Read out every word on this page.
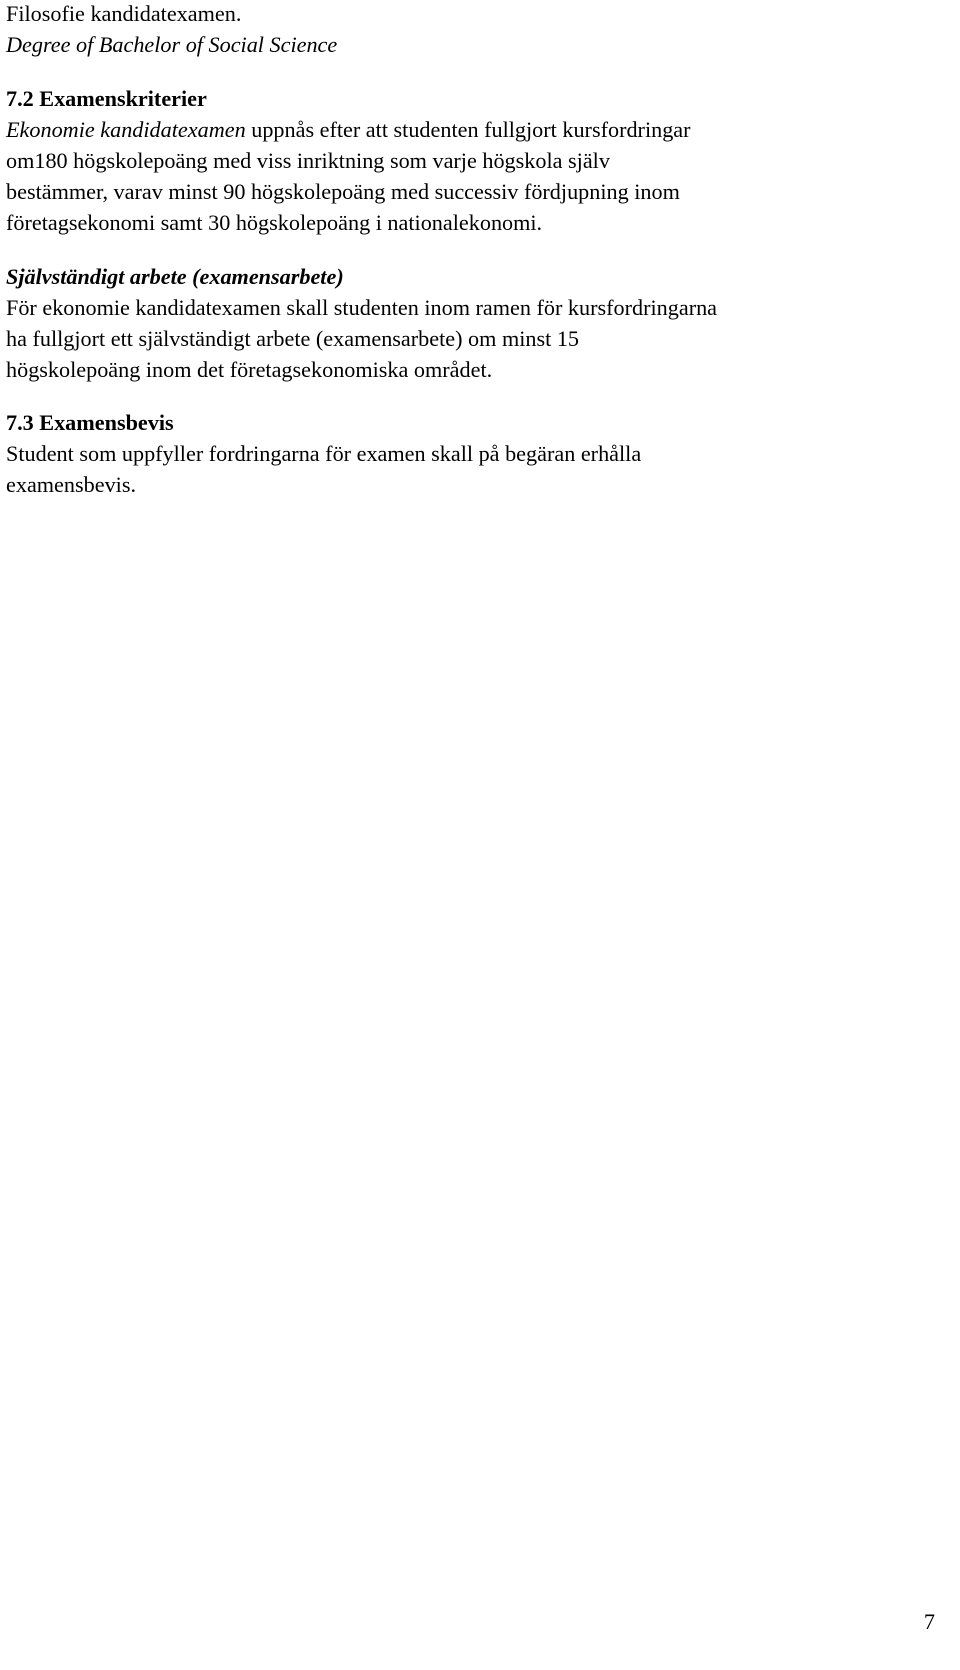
Filosofie kandidatexamen.

Degree of Bachelor of Social Science

7.2 Examenskriterier

Ekonomie kandidatexamen uppnås efter att studenten fullgjort kursfordringar

om180 högskolepoäng med viss inriktning som varje högskola själv

bestämmer, varav minst 90 högskolepoäng med successiv fördjupning inom

företagsekonomi samt 30 högskolepoäng i nationalekonomi.

Självständigt arbete (examensarbete)

För ekonomie kandidatexamen skall studenten inom ramen för kursfordringarna

ha fullgjort ett självständigt arbete (examensarbete) om minst 15

högskolepoäng inom det företagsekonomiska området.

7.3 Examensbevis

Student som uppfyller fordringarna för examen skall på begäran erhålla

examensbevis.

7
